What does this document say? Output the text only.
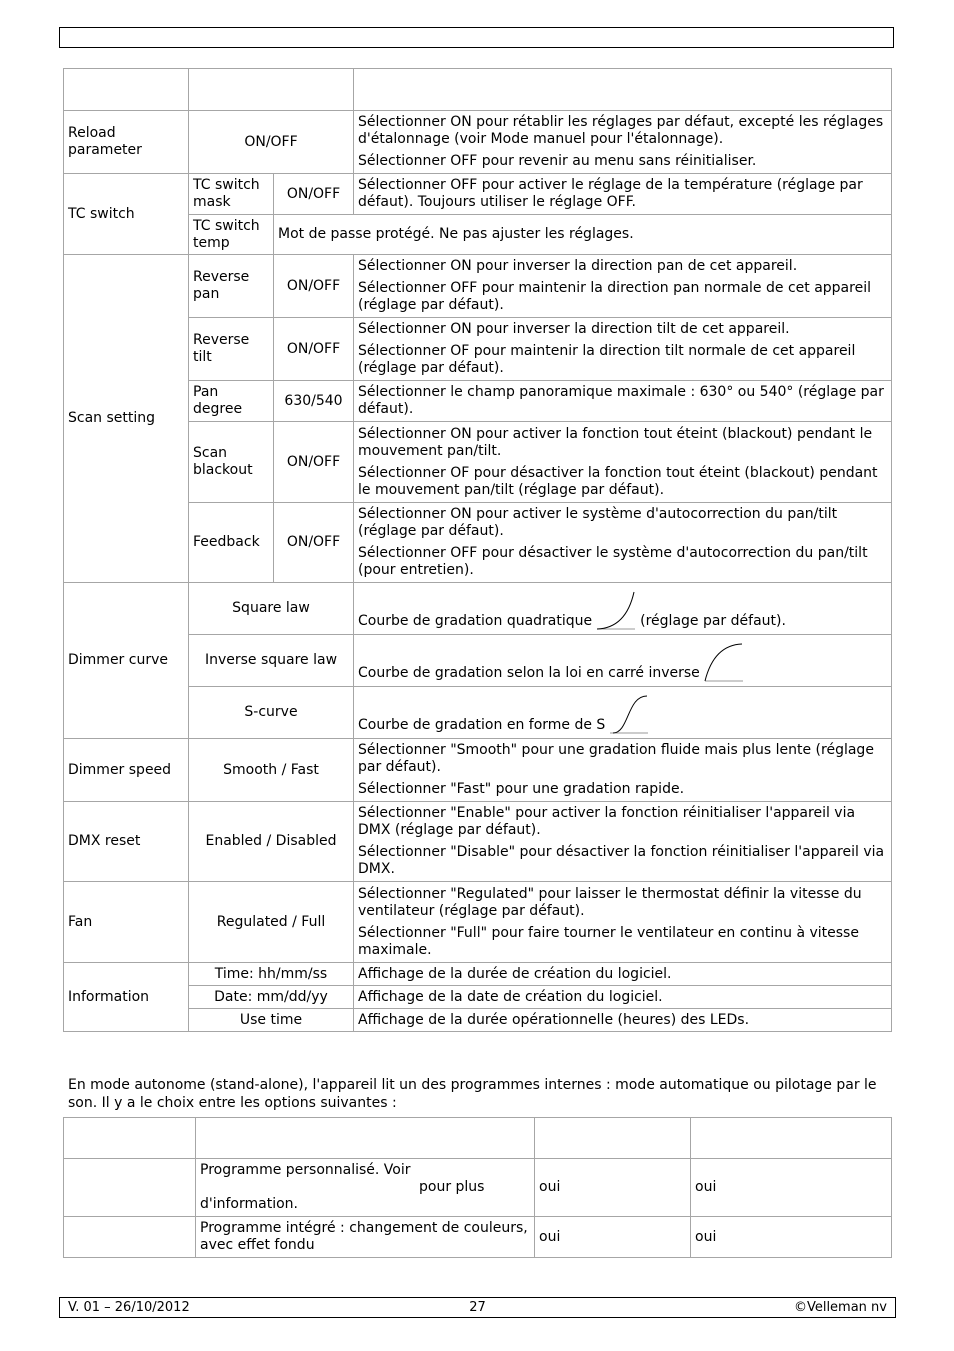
Reload parameter	ON/OFF		Sélectionner ON pour rétablir les réglages par défaut, excepté les réglages d'étalonnage (voir Mode manuel pour l'étalonnage).

Sélectionner OFF pour revenir au menu sans réinitialiser.

TC switch	TC switch mask	ON/OFF	Sélectionner OFF pour activer le réglage de la température (réglage par défaut). Toujours utiliser le réglage OFF.
	TC switch temp	Mot de passe protégé. Ne pas ajuster les réglages.	
Scan setting	Reverse pan	ON/OFF	Sélectionner ON pour inverser la direction pan de cet appareil.

Sélectionner OFF pour maintenir la direction pan normale de cet appareil (réglage par défaut).

	Reverse tilt	ON/OFF	Sélectionner ON pour inverser la direction tilt de cet appareil.

Sélectionner OF pour maintenir la direction tilt normale de cet appareil (réglage par défaut).

	Pan degree	630/540	Sélectionner le champ panoramique maximale : 630° ou 540° (réglage par défaut).
	Scan blackout	ON/OFF	Sélectionner ON pour activer la fonction tout éteint (blackout) pendant le mouvement pan/tilt.

Sélectionner OF pour désactiver la fonction tout éteint (blackout) pendant le mouvement pan/tilt (réglage par défaut).

	Feedback	ON/OFF	Sélectionner ON pour activer le système d'autocorrection du pan/tilt (réglage par défaut).

Sélectionner OFF pour désactiver le système d'autocorrection du pan/tilt (pour entretien).

Dimmer curve	Square law		Courbe de gradation quadratique (réglage par défaut).
	Inverse square law		Courbe de gradation selon la loi en carré inverse
	S-curve		Courbe de gradation en forme de S
Dimmer speed	Smooth / Fast		Sélectionner "Smooth" pour une gradation fluide mais plus lente (réglage par défaut).

Sélectionner "Fast" pour une gradation rapide.

DMX reset	Enabled / Disabled		Sélectionner "Enable" pour activer la fonction réinitialiser l'appareil via DMX (réglage par défaut).

Sélectionner "Disable" pour désactiver la fonction réinitialiser l'appareil via DMX.

Fan	Regulated / Full		Sélectionner "Regulated" pour laisser le thermostat définir la vitesse du ventilateur (réglage par défaut).

Sélectionner "Full" pour faire tourner le ventilateur en continu à vitesse maximale.

Information	Time: hh/mm/ss		Affichage de la durée de création du logiciel.
	Date: mm/dd/yy		Affichage de la date de création du logiciel.
	Use time		Affichage de la durée opérationnelle (heures) des LEDs.
En mode autonome (stand-alone), l'appareil lit un des programmes internes : mode automatique ou pilotage par le son. Il y a le choix entre les options suivantes :

	Programme personnalisé. Voir
pour plus
d'information.	oui	oui
	Programme intégré : changement de couleurs, avec effet fondu	oui	oui
V. 01 – 26/10/2012	27	©Velleman nv
